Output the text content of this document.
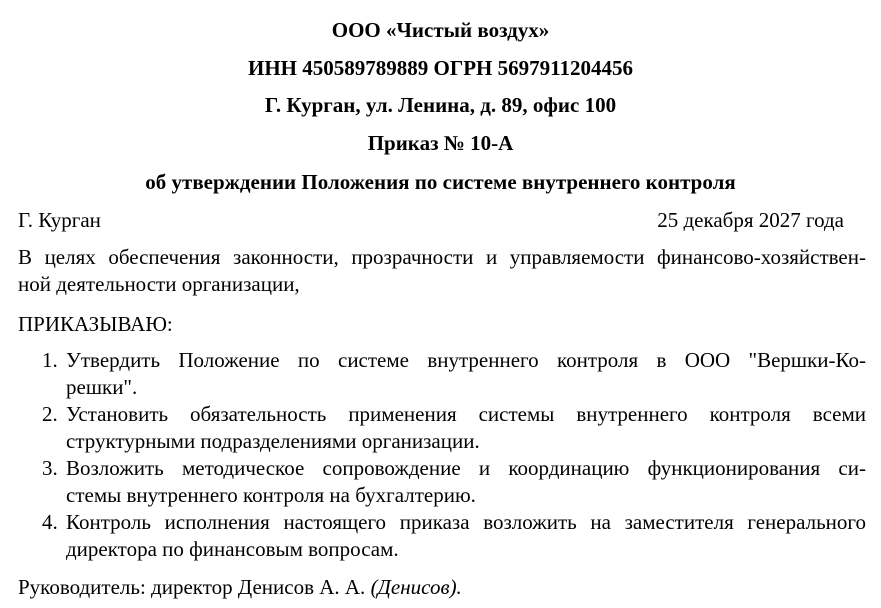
ООО «Чистый воздух»
ИНН 450589789889 ОГРН 5697911204456
Г. Курган, ул. Ленина, д. 89, офис 100
Приказ № 10-А
об утверждении Положения по системе внутреннего контроля
Г. Курган	25 декабря 2027 года
В целях обеспечения законности, прозрачности и управляемости финансово-хозяйствен-
ной деятельности организации,
ПРИКАЗЫВАЮ:
1. Утвердить Положение по системе внутреннего контроля в ООО "Вершки-Ко-
решки".
2. Установить обязательность применения системы внутреннего контроля всеми
структурными подразделениями организации.
3. Возложить методическое сопровождение и координацию функционирования си-
стемы внутреннего контроля на бухгалтерию.
4. Контроль исполнения настоящего приказа возложить на заместителя генерального
директора по финансовым вопросам.
Руководитель: директор Денисов А. А. (Денисов).
